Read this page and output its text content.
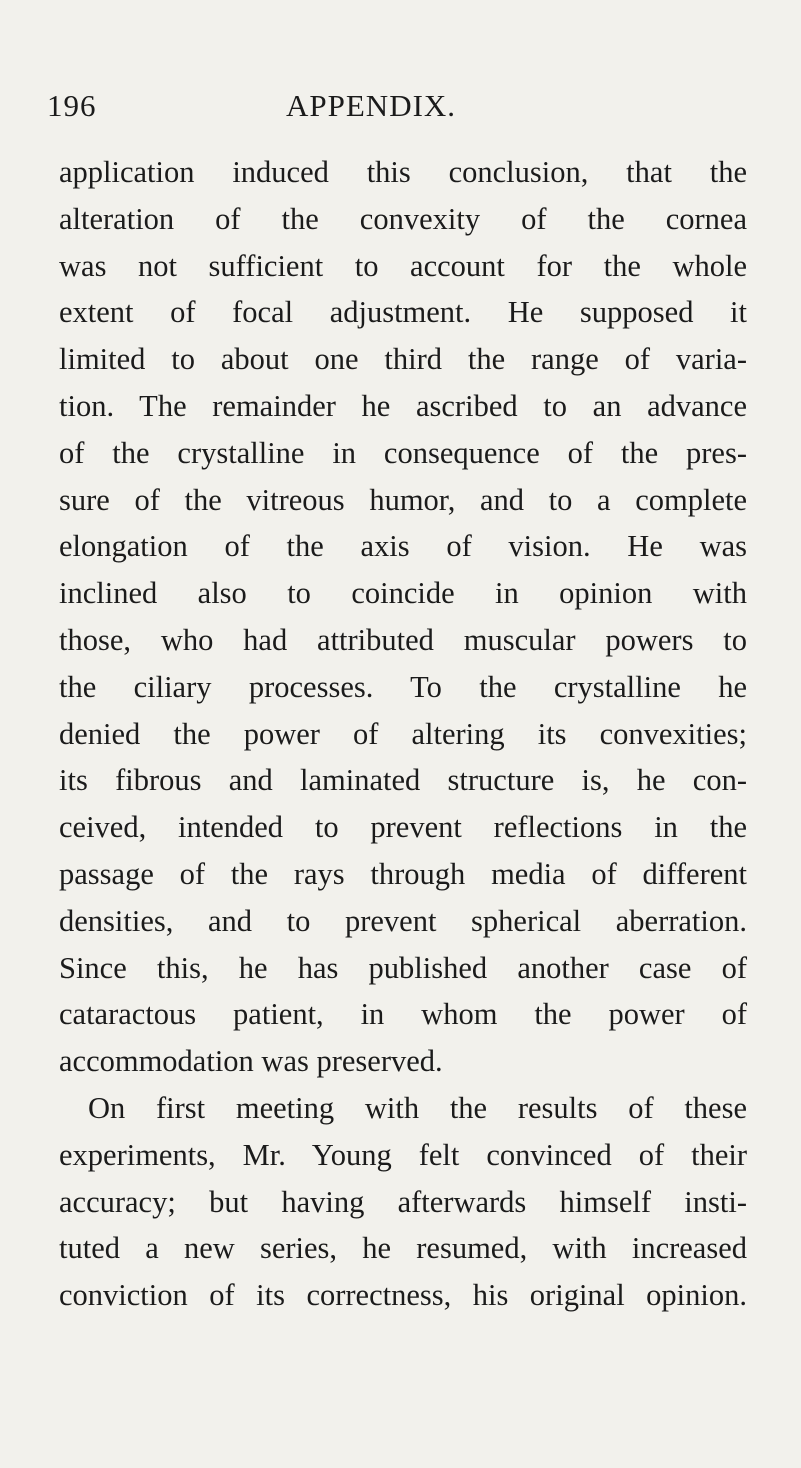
196	APPENDIX.
application induced this conclusion, that the
alteration of the convexity of the cornea
was not sufficient to account for the whole
extent of focal adjustment. He supposed it
limited to about one third the range of varia-
tion. The remainder he ascribed to an advance
of the crystalline in consequence of the pres-
sure of the vitreous humor, and to a complete
elongation of the axis of vision. He was
inclined also to coincide in opinion with
those, who had attributed muscular powers to
the ciliary processes. To the crystalline he
denied the power of altering its convexities;
its fibrous and laminated structure is, he con-
ceived, intended to prevent reflections in the
passage of the rays through media of different
densities, and to prevent spherical aberration.
Since this, he has published another case of
cataractous patient, in whom the power of
accommodation was preserved.
On first meeting with the results of these
experiments, Mr. Young felt convinced of their
accuracy; but having afterwards himself insti-
tuted a new series, he resumed, with increased
conviction of its correctness, his original opinion.
